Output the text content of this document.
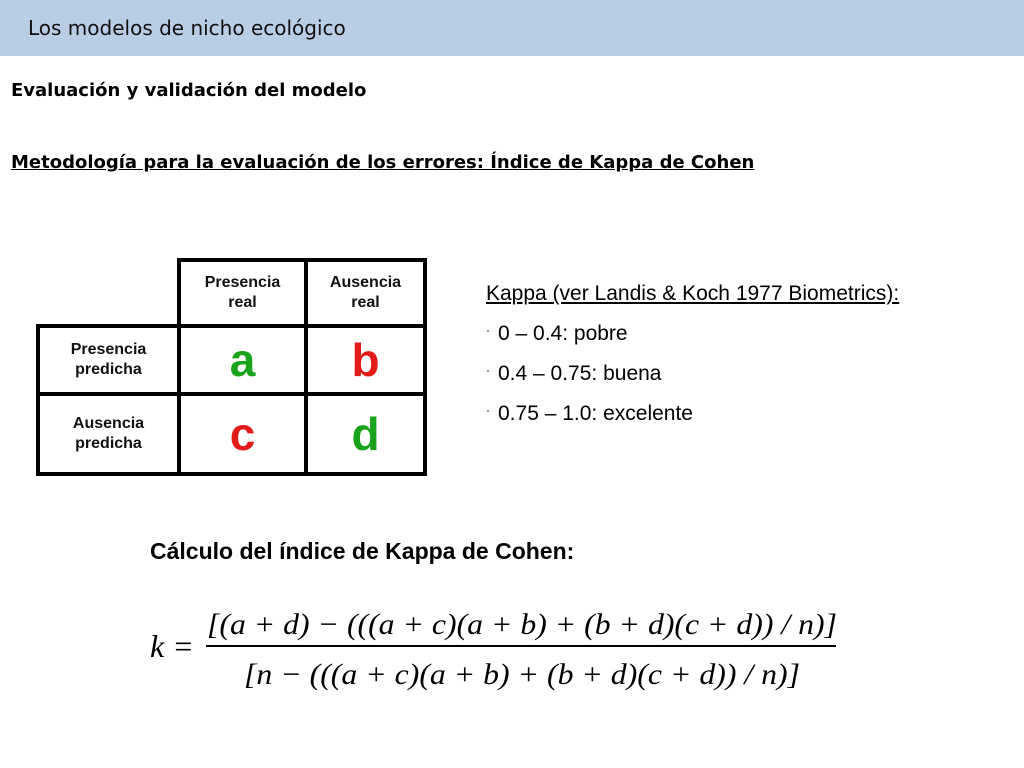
Los modelos de nicho ecológico
Evaluación y validación del modelo
Metodología para la evaluación de los errores: Índice de Kappa de Cohen
Presencia
real
Ausencia
real
Presencia
predicha a b
Ausencia
predicha c d
Kappa (ver Landis & Koch 1977 Biometrics):
· 0 – 0.4: pobre
· 0.4 – 0.75: buena
· 0.75 – 1.0: excelente
Cálculo del índice de Kappa de Cohen:
k =
[(a + d) − (((a + c)(a + b) + (b + d)(c + d)) / n)]
[n − (((a + c)(a + b) + (b + d)(c + d)) / n)]
